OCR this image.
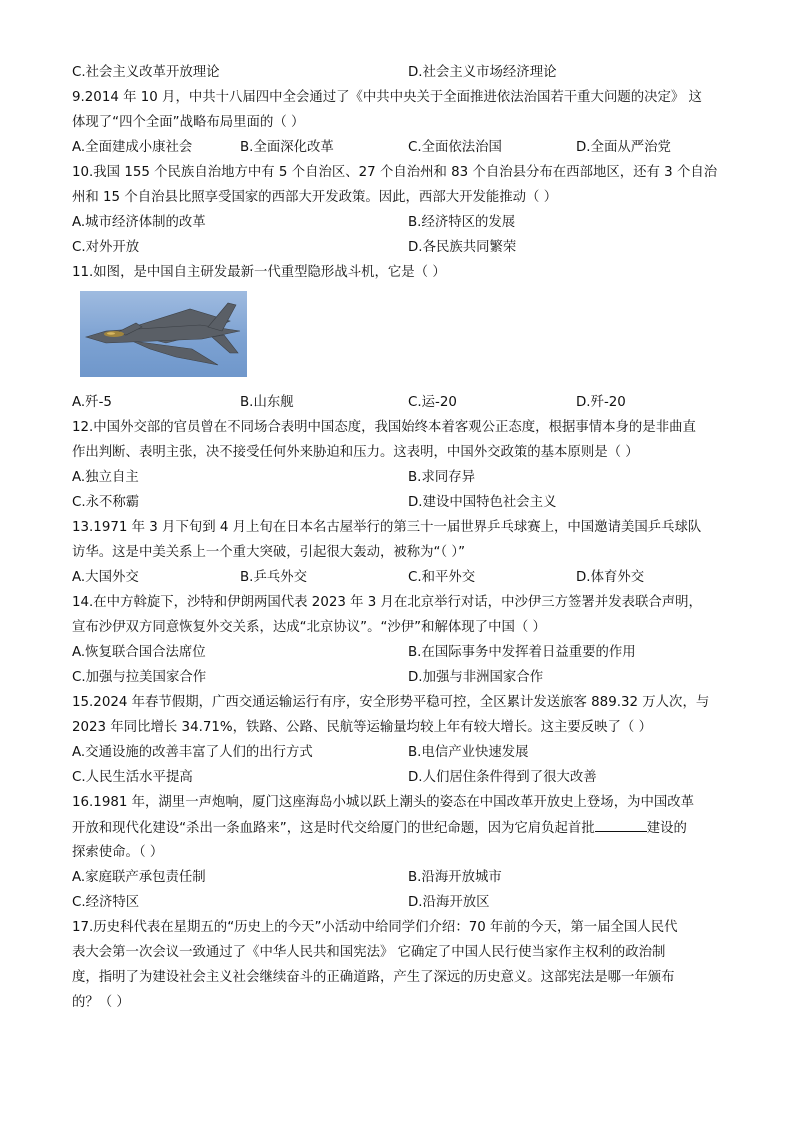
C.社会主义改革开放理论	D.社会主义市场经济理论
9.2014 年 10 月，中共十八届四中全会通过了《中共中央关于全面推进依法治国若干重大问题的决定》 这
体现了“四个全面”战略布局里面的（ ）
A.全面建成小康社会	B.全面深化改革	C.全面依法治国	D.全面从严治党
10.我国 155 个民族自治地方中有 5 个自治区、27 个自治州和 83 个自治县分布在西部地区，还有 3 个自治
州和 15 个自治县比照享受国家的西部大开发政策。因此，西部大开发能推动（ ）
A.城市经济体制的改革	B.经济特区的发展
C.对外开放	D.各民族共同繁荣
11.如图，是中国自主研发最新一代重型隐形战斗机，它是（ ）
A.歼-5	B.山东舰	C.运-20	D.歼-20
12.中国外交部的官员曾在不同场合表明中国态度，我国始终本着客观公正态度，根据事情本身的是非曲直
作出判断、表明主张，决不接受任何外来胁迫和压力。这表明，中国外交政策的基本原则是（ ）
A.独立自主	B.求同存异
C.永不称霸	D.建设中国特色社会主义
13.1971 年 3 月下旬到 4 月上旬在日本名古屋举行的第三十一届世界乒乓球赛上，中国邀请美国乒乓球队
访华。这是中美关系上一个重大突破，引起很大轰动，被称为“（ ）”
A.大国外交	B.乒乓外交	C.和平外交	D.体育外交
14.在中方斡旋下，沙特和伊朗两国代表 2023 年 3 月在北京举行对话，中沙伊三方签署并发表联合声明，
宣布沙伊双方同意恢复外交关系，达成“北京协议”。“沙伊”和解体现了中国（ ）
A.恢复联合国合法席位	B.在国际事务中发挥着日益重要的作用
C.加强与拉美国家合作	D.加强与非洲国家合作
15.2024 年春节假期，广西交通运输运行有序，安全形势平稳可控，全区累计发送旅客 889.32 万人次，与
2023 年同比增长 34.71%，铁路、公路、民航等运输量均较上年有较大增长。这主要反映了（ ）
A.交通设施的改善丰富了人们的出行方式	B.电信产业快速发展
C.人民生活水平提高	D.人们居住条件得到了很大改善
16.1981 年，湖里一声炮响，厦门这座海岛小城以跃上潮头的姿态在中国改革开放史上登场，为中国改革
开放和现代化建设“杀出一条血路来”，这是时代交给厦门的世纪命题，因为它肩负起首批	建设的
探索使命。（ ）
A.家庭联产承包责任制	B.沿海开放城市
C.经济特区	D.沿海开放区
17.历史科代表在星期五的“历史上的今天”小活动中给同学们介绍：70 年前的今天，第一届全国人民代
表大会第一次会议一致通过了《中华人民共和国宪法》 它确定了中国人民行使当家作主权利的政治制
度，指明了为建设社会主义社会继续奋斗的正确道路，产生了深远的历史意义。这部宪法是哪一年颁布
的？（ ）
